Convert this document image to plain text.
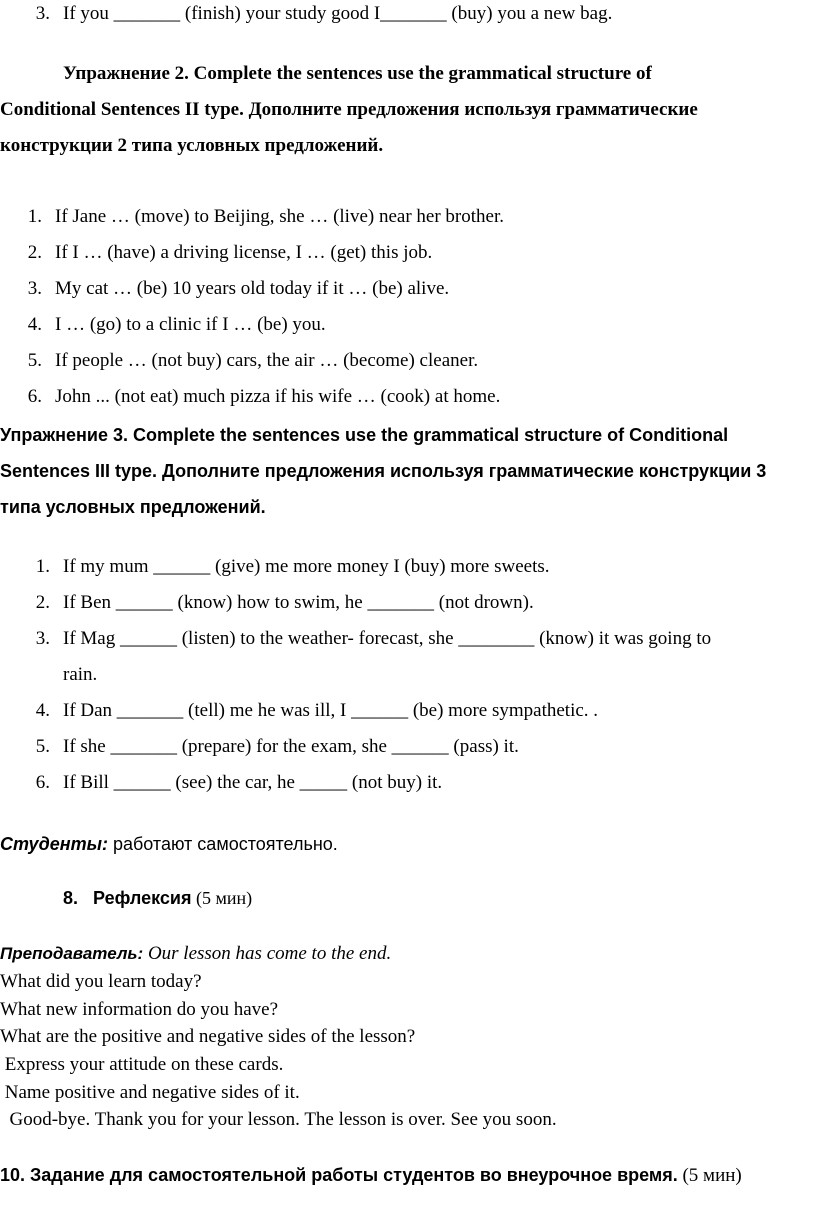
3. If you _______ (finish) your study good I_______ (buy) you a new bag.
Упражнение 2. Complete the sentences use the grammatical structure of
Conditional Sentences II type. Дополните предложения используя грамматические
конструкции 2 типа условных предложений.
1. If Jane … (move) to Beijing, she … (live) near her brother.
2. If I … (have) a driving license, I … (get) this job.
3. My cat … (be) 10 years old today if it … (be) alive.
4. I … (go) to a clinic if I … (be) you.
5. If people … (not buy) cars, the air … (become) cleaner.
6. John ... (not eat) much pizza if his wife … (cook) at home.
Упражнение 3. Complete the sentences use the grammatical structure of Conditional
Sentences III type. Дополните предложения используя грамматические конструкции 3
типа условных предложений.
1. If my mum ______ (give) me more money I (buy) more sweets.
2. If Ben ______ (know) how to swim, he _______ (not drown).
3. If Mag ______ (listen) to the weather- forecast, she ________ (know) it was going to
rain.
4. If Dan _______ (tell) me he was ill, I ______ (be) more sympathetic. .
5. If she _______ (prepare) for the exam, she ______ (pass) it.
6. If Bill ______ (see) the car, he _____ (not buy) it.
Студенты: работают самостоятельно.
8. Рефлексия (5 мин)
Преподаватель: Our lesson has come to the end.
What did you learn today?
What new information do you have?
What are the positive and negative sides of the lesson?
Express your attitude on these cards.
Name positive and negative sides of it.
Good-bye. Thank you for your lesson. The lesson is over. See you soon.
10. Задание для самостоятельной работы студентов во внеурочное время. (5 мин)
